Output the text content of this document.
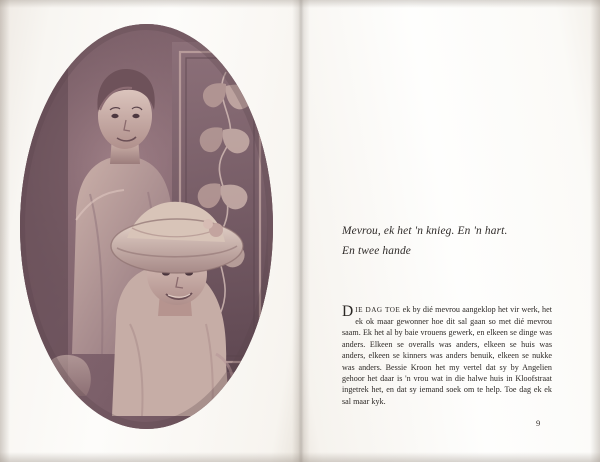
Mevrou, ek het 'n knieg. En 'n hart.
En twee hande

DIE DAG TOE ek by dié mevrou aangeklop het vir werk, het ek ok maar gewonner hoe dit sal gaan so met dié mevrou saam. Ek het al by baie vrouens gewerk, en elkeen se dinge was anders. Elkeen se overalls was anders, elkeen se huis was anders, elkeen se kinners was anders benuik, elkeen se nukke was anders. Bessie Kroon het my vertel dat sy by Angelien gehoor het daar is 'n vrou wat in die halwe huis in Kloofstraat ingetrek het, en dat sy iemand soek om te help. Toe dag ek ek sal maar kyk.

9
